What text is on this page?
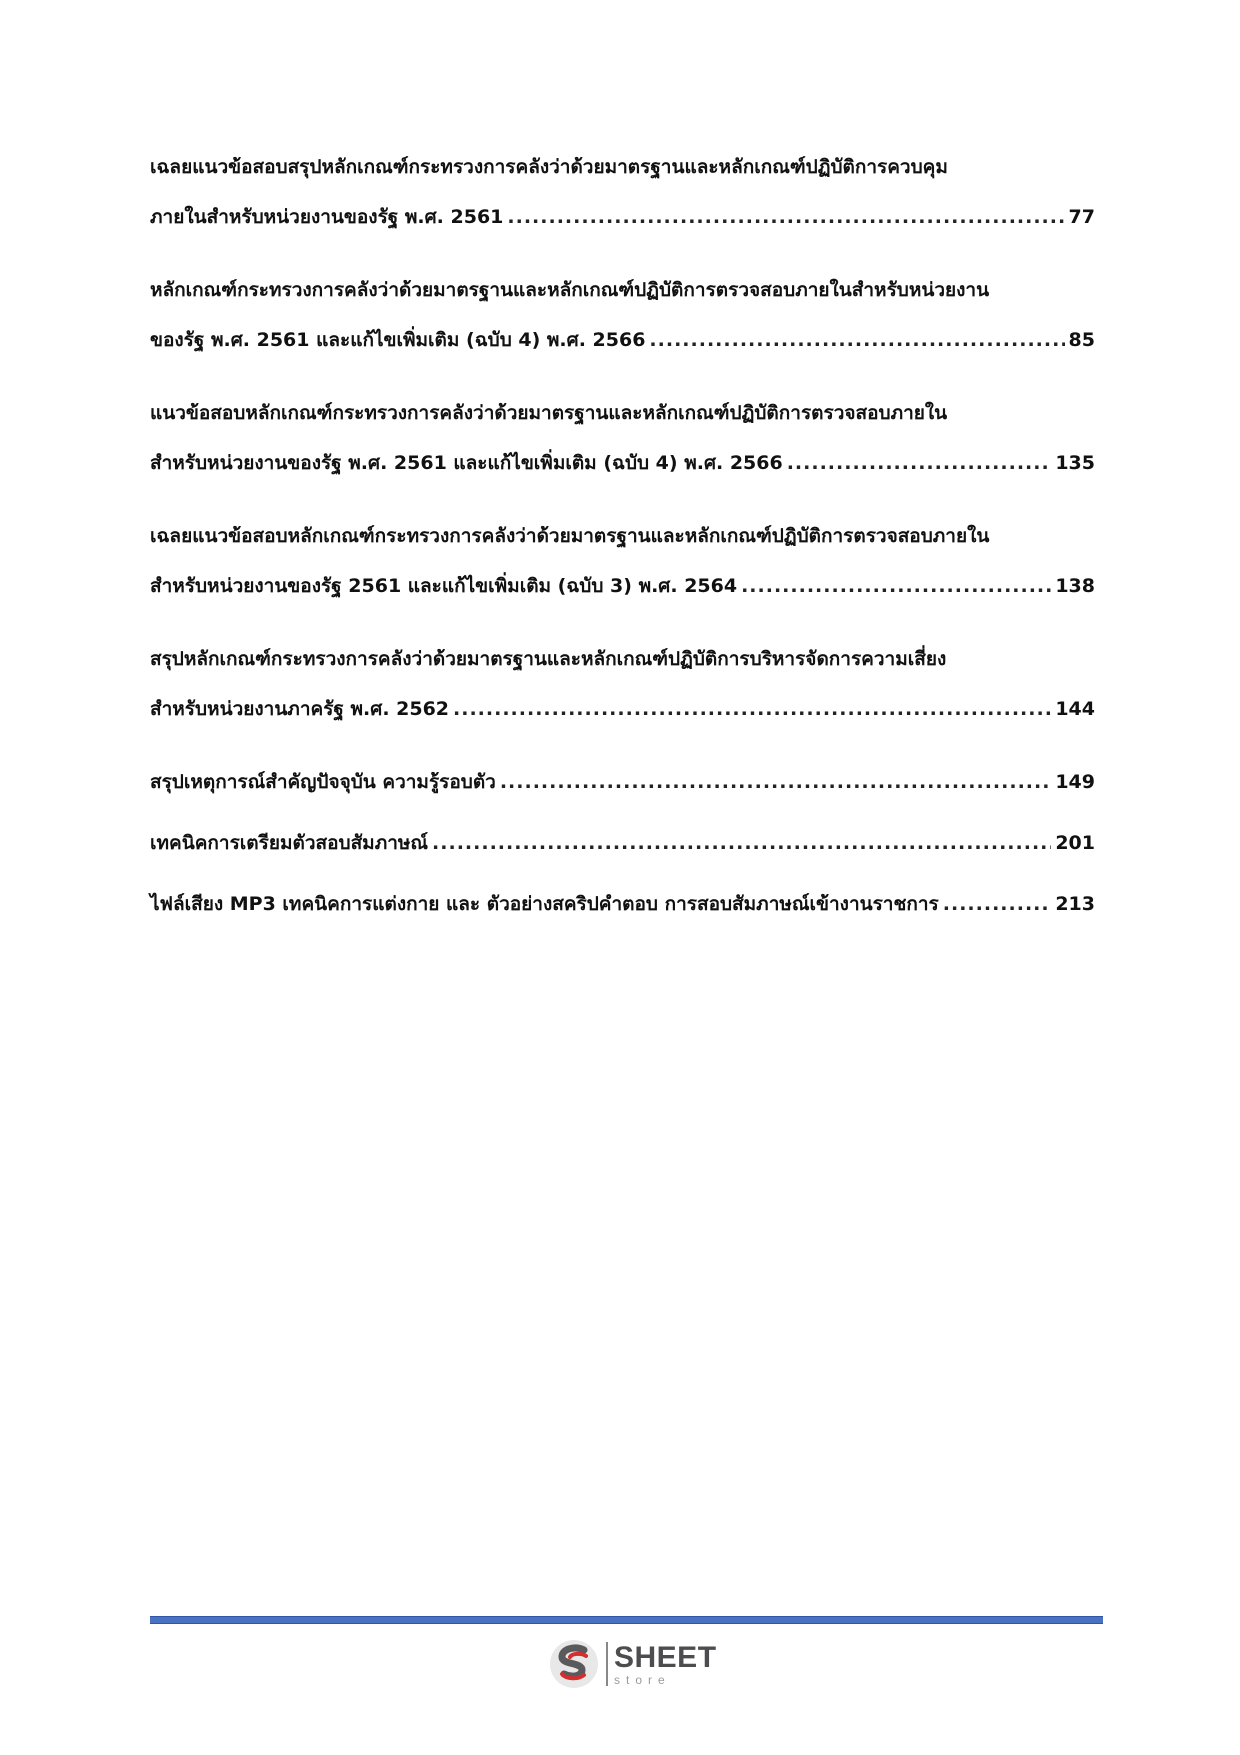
เฉลยแนวข้อสอบสรุปหลักเกณฑ์กระทรวงการคลังว่าด้วยมาตรฐานและหลักเกณฑ์ปฏิบัติการควบคุม
ภายในสำหรับหน่วยงานของรัฐ พ.ศ. 2561 .....	77
หลักเกณฑ์กระทรวงการคลังว่าด้วยมาตรฐานและหลักเกณฑ์ปฏิบัติการตรวจสอบภายในสำหรับหน่วยงาน
ของรัฐ พ.ศ. 2561 และแก้ไขเพิ่มเติม (ฉบับ 4) พ.ศ. 2566 .....	85
แนวข้อสอบหลักเกณฑ์กระทรวงการคลังว่าด้วยมาตรฐานและหลักเกณฑ์ปฏิบัติการตรวจสอบภายใน
สำหรับหน่วยงานของรัฐ พ.ศ. 2561 และแก้ไขเพิ่มเติม (ฉบับ 4) พ.ศ. 2566 .....	135
เฉลยแนวข้อสอบหลักเกณฑ์กระทรวงการคลังว่าด้วยมาตรฐานและหลักเกณฑ์ปฏิบัติการตรวจสอบภายใน
สำหรับหน่วยงานของรัฐ 2561 และแก้ไขเพิ่มเติม (ฉบับ 3) พ.ศ. 2564 .....	138
สรุปหลักเกณฑ์กระทรวงการคลังว่าด้วยมาตรฐานและหลักเกณฑ์ปฏิบัติการบริหารจัดการความเสี่ยง
สำหรับหน่วยงานภาครัฐ พ.ศ. 2562 .....	144
สรุปเหตุการณ์สำคัญปัจจุบัน ความรู้รอบตัว .....	149
เทคนิคการเตรียมตัวสอบสัมภาษณ์ .....	201
ไฟล์เสียง MP3 เทคนิคการแต่งกาย และ ตัวอย่างสคริปคำตอบ การสอบสัมภาษณ์เข้างานราชการ .....	213
SHEET
store
